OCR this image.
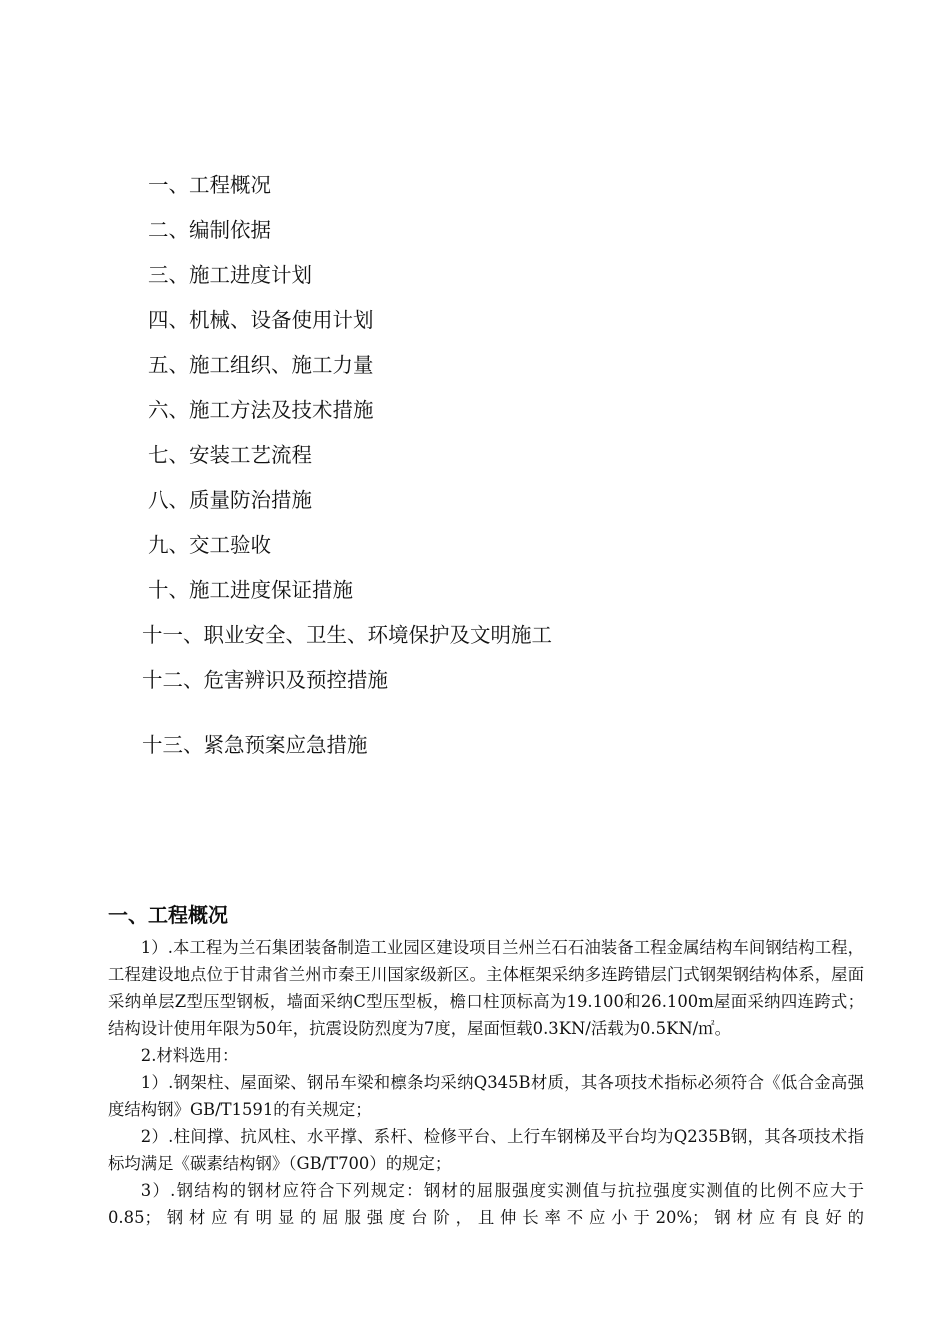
一、工程概况
二、编制依据
三、施工进度计划
四、机械、设备使用计划
五、施工组织、施工力量
六、施工方法及技术措施
七、安装工艺流程
八、质量防治措施
九、交工验收
十、施工进度保证措施
十一、职业安全、卫生、环境保护及文明施工
十二、危害辨识及预控措施
十三、紧急预案应急措施
一、工程概况

1）.本工程为兰石集团装备制造工业园区建设项目兰州兰石石油装备工程金属结构车间钢结构工程，工程建设地点位于甘肃省兰州市秦王川国家级新区。主体框架采纳多连跨错层门式钢架钢结构体系，屋面采纳单层Z型压型钢板，墙面采纳C型压型板，檐口柱顶标高为19.100和26.100m屋面采纳四连跨式；结构设计使用年限为50年，抗震设防烈度为7度，屋面恒载0.3KN/活载为0.5KN/㎡。

2.材料选用：

1）.钢架柱、屋面梁、钢吊车梁和檩条均采纳Q345B材质，其各项技术指标必须符合《低合金高强度结构钢》GB/T1591的有关规定；

2）.柱间撑、抗风柱、水平撑、系杆、检修平台、上行车钢梯及平台均为Q235B钢，其各项技术指标均满足《碳素结构钢》（GB/T700）的规定；

3）.钢结构的钢材应符合下列规定：钢材的屈服强度实测值与抗拉强度实测值的比例不应大于0.85；钢材应有明显的屈服强度台阶，且伸长率不应小于20%；钢材应有良好的
